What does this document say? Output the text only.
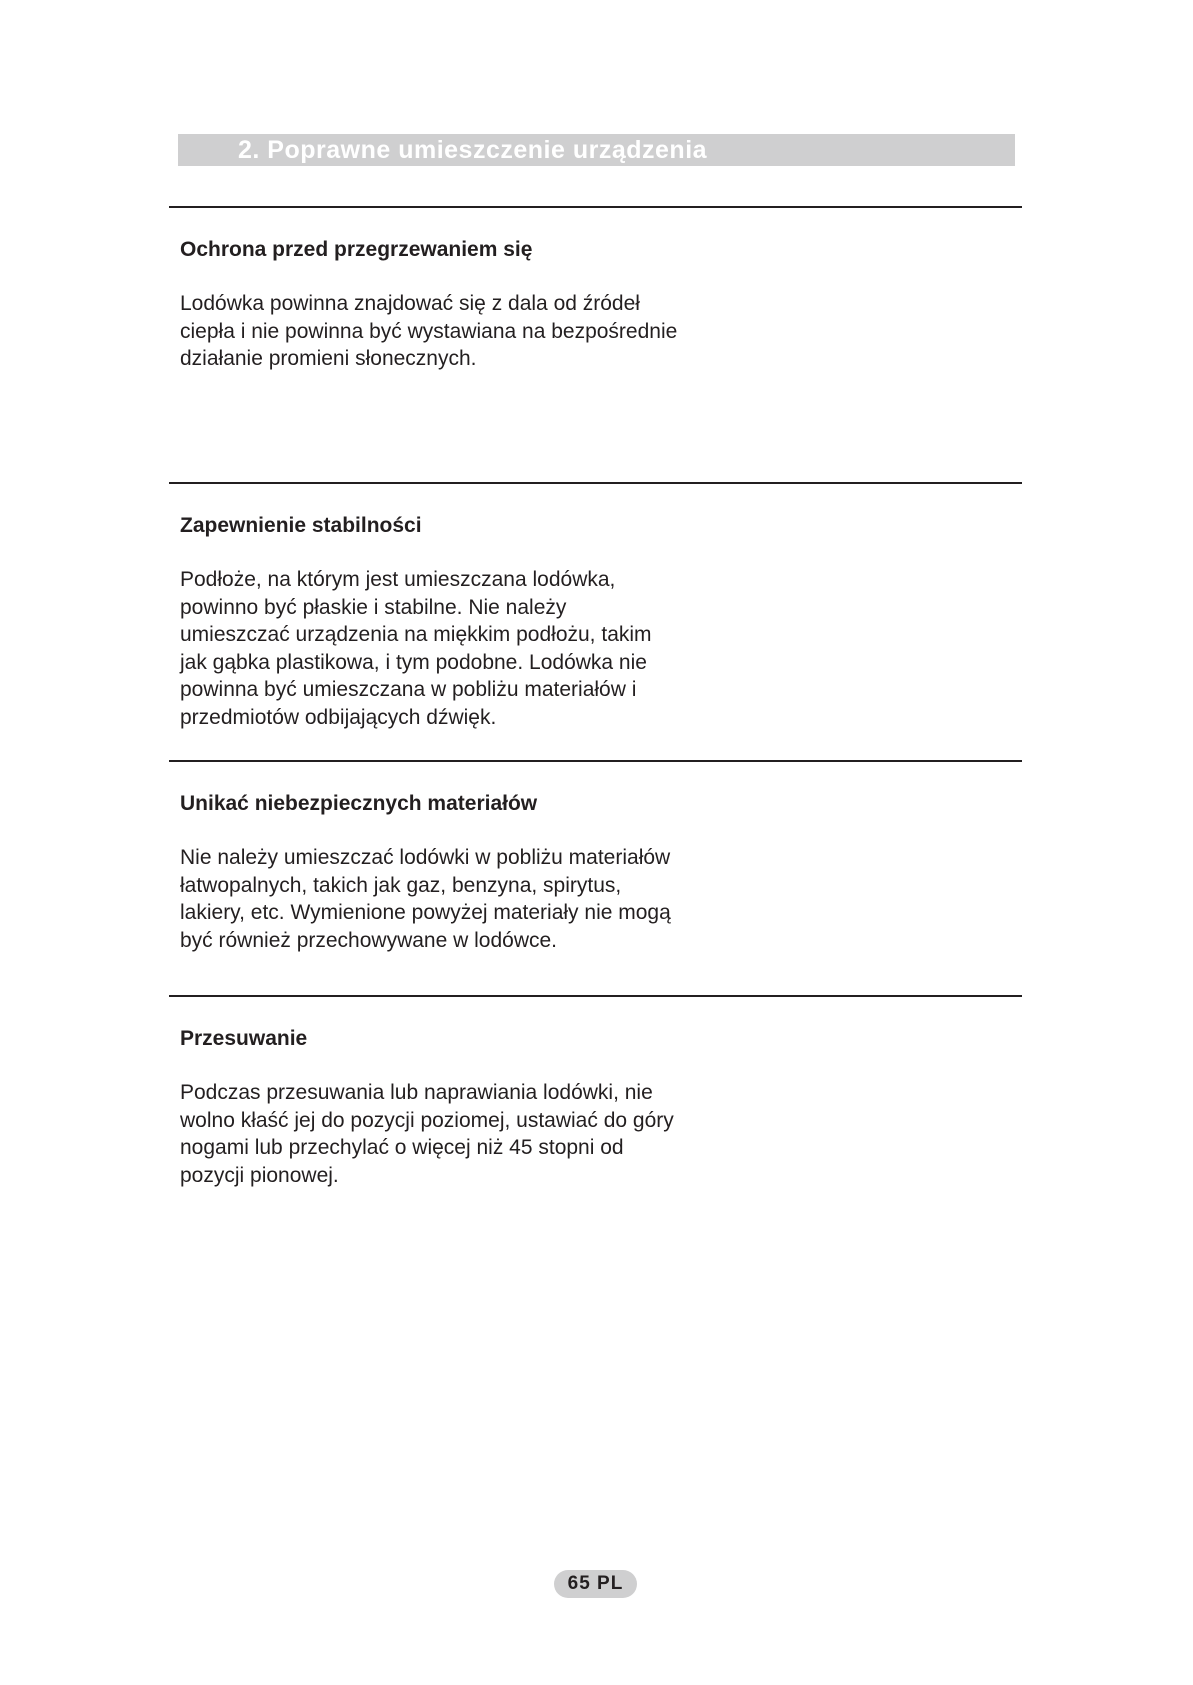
2. Poprawne umieszczenie urządzenia
Ochrona przed przegrzewaniem się

Lodówka powinna znajdować się z dala od źródeł
ciepła i nie powinna być wystawiana na bezpośrednie
działanie promieni słonecznych.

Zapewnienie stabilności

Podłoże, na którym jest umieszczana lodówka,
powinno być płaskie i stabilne. Nie należy
umieszczać urządzenia na miękkim podłożu, takim
jak gąbka plastikowa, i tym podobne. Lodówka nie
powinna być umieszczana w pobliżu materiałów i
przedmiotów odbijających dźwięk.

Unikać niebezpiecznych materiałów

Nie należy umieszczać lodówki w pobliżu materiałów
łatwopalnych, takich jak gaz, benzyna, spirytus,
lakiery, etc. Wymienione powyżej materiały nie mogą
być również przechowywane w lodówce.

Przesuwanie

Podczas przesuwania lub naprawiania lodówki, nie
wolno kłaść jej do pozycji poziomej, ustawiać do góry
nogami lub przechylać o więcej niż 45 stopni od
pozycji pionowej.

65 PL
